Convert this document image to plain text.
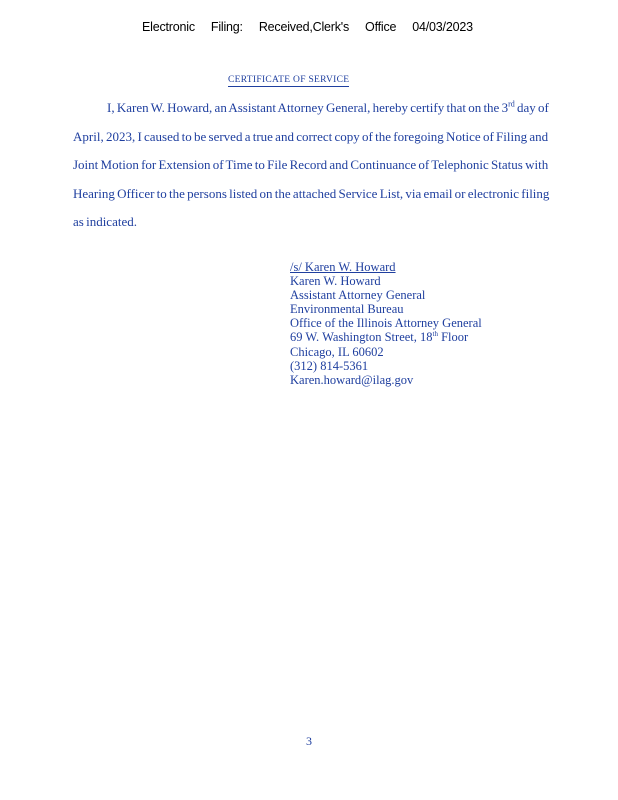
Electronic Filing: Received,Clerk's Office 04/03/2023
CERTIFICATE OF SERVICE
I, Karen W. Howard, an Assistant Attorney General, hereby certify that on the 3rd day of April, 2023, I caused to be served a true and correct copy of the foregoing Notice of Filing and Joint Motion for Extension of Time to File Record and Continuance of Telephonic Status with Hearing Officer to the persons listed on the attached Service List, via email or electronic filing as indicated.
/s/ Karen W. Howard
Karen W. Howard
Assistant Attorney General
Environmental Bureau
Office of the Illinois Attorney General
69 W. Washington Street, 18th Floor
Chicago, IL 60602
(312) 814-5361
Karen.howard@ilag.gov
3
